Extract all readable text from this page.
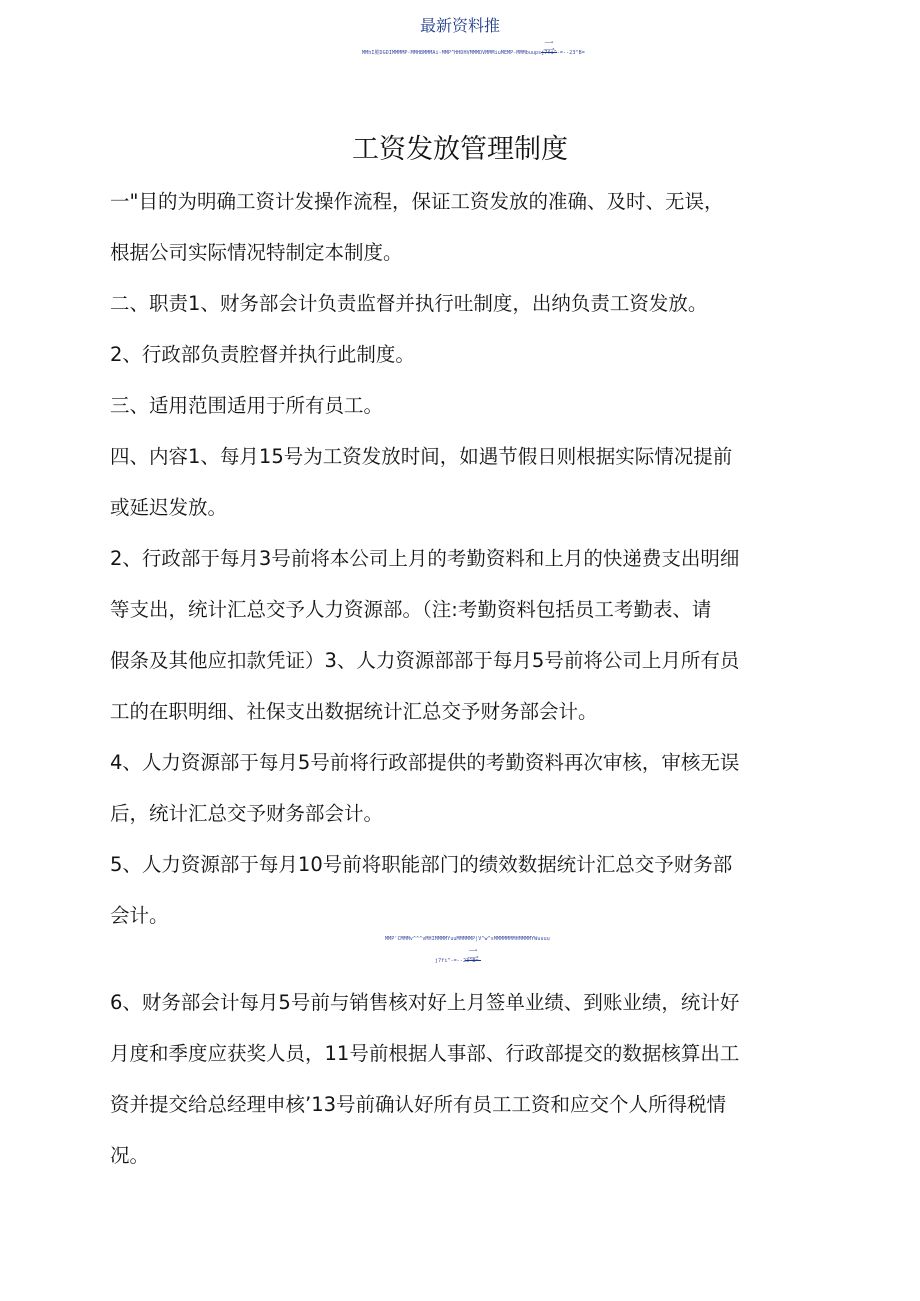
最新资料推
MMhI脆DGDIMMMMP-MMHBMMMAi-MMP^HHDHVMMMDVMMMiuMEMP-MMMbuupsj7fi^-=--23^B=
二
工资发放管理制度
一"目的为明确工资计发操作流程，保证工资发放的准确、及时、无误，
根据公司实际情况特制定本制度。
二、职责1、财务部会计负责监督并执行吐制度，出纳负责工资发放。
2、行政部负责腔督并执行此制度。
三、适用范围适用于所有员工。
四、内容1、每月15号为工资发放时间，如遇节假日则根据实际情况提前
或延迟发放。
2、行政部于每月3号前将本公司上月的考勤资料和上月的快递费支出明细
等支出，统计汇总交予人力资源部。（注:考勤资料包括员工考勤表、请
假条及其他应扣款凭证）3、人力资源部部于每月5号前将公司上月所有员
工的在职明细、社保支出数据统计汇总交予财务部会计。
4、人力资源部于每月5号前将行政部提供的考勤资料再次审核，审核无误
后，统计汇总交予财务部会计。
5、人力资源部于每月10号前将职能部门的绩效数据统计汇总交予财务部
会计。
MMP'CMMMv^^^vMHIMMMMYuuMMMMMP|V^w^sMMMMMMMHMMMMYWuuuu
j7fi^-=--23^B=
二
6、财务部会计每月5号前与销售核对好上月签单业绩、到账业绩，统计好
月度和季度应获奖人员，11号前根据人事部、行政部提交的数据核算出工
资并提交给总经理申核’13号前确认好所有员工工资和应交个人所得税情
况。
